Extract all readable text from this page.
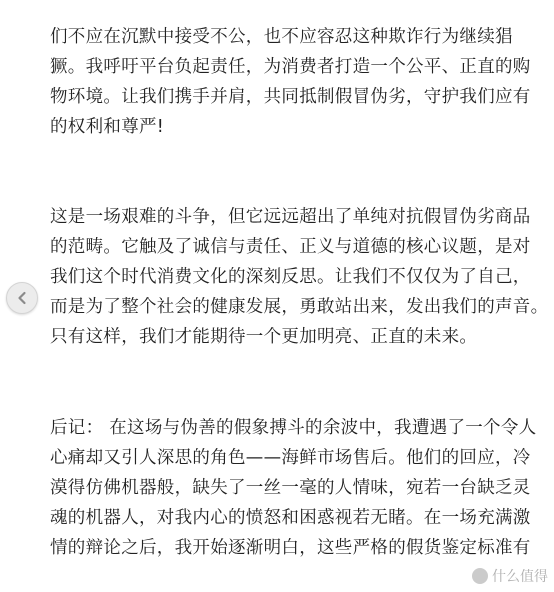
们不应在沉默中接受不公，也不应容忍这种欺诈行为继续猖
獗。我呼吁平台负起责任，为消费者打造一个公平、正直的购
物环境。让我们携手并肩，共同抵制假冒伪劣，守护我们应有
的权利和尊严!
这是一场艰难的斗争，但它远远超出了单纯对抗假冒伪劣商品
的范畴。它触及了诚信与责任、正义与道德的核心议题，是对
我们这个时代消费文化的深刻反思。让我们不仅仅为了自己，
而是为了整个社会的健康发展，勇敢站出来，发出我们的声音。
只有这样，我们才能期待一个更加明亮、正直的未来。
后记： 在这场与伪善的假象搏斗的余波中，我遭遇了一个令人
心痛却又引人深思的角色——海鲜市场售后。他们的回应，冷
漠得仿佛机器般，缺失了一丝一毫的人情味，宛若一台缺乏灵
魂的机器人，对我内心的愤怒和困惑视若无睹。在一场充满激
情的辩论之后，我开始逐渐明白，这些严格的假货鉴定标准有
什么值得
